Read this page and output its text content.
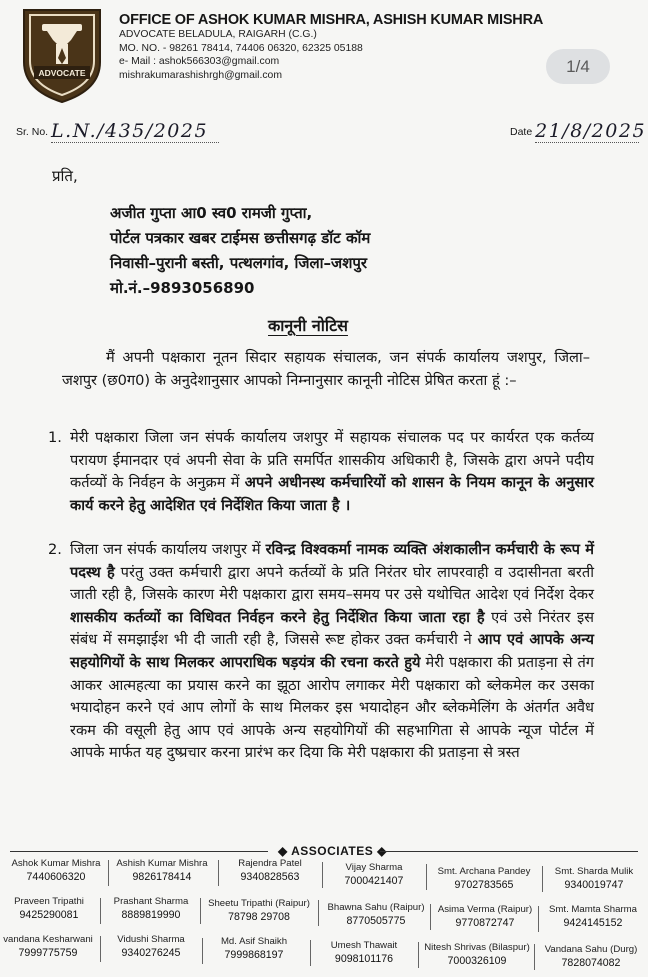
ADVOCATE
OFFICE OF ASHOK KUMAR MISHRA, ASHISH KUMAR MISHRA
ADVOCATE BELADULA, RAIGARH (C.G.)
MO. NO. - 98261 78414, 74406 06320, 62325 05188
e- Mail : ashok566303@gmail.com
mishrakumarashishrgh@gmail.com	1/4
Sr. No. L.N./435/2025	Date 21/8/2025
प्रति,
अजीत गुप्ता आ0 स्व0 रामजी गुप्ता,
पोर्टल पत्रकार खबर टाईमस छत्तीसगढ़ डॉट कॉम
निवासी–पुरानी बस्ती, पत्थलगांव, जिला–जशपुर
मो.नं.–9893056890
कानूनी नोटिस
मैं अपनी पक्षकारा नूतन सिदार सहायक संचालक, जन संपर्क कार्यालय जशपुर, जिला–जशपुर (छ0ग0) के अनुदेशानुसार आपको निम्नानुसार कानूनी नोटिस प्रेषित करता हूं :–
1. मेरी पक्षकारा जिला जन संपर्क कार्यालय जशपुर में सहायक संचालक पद पर कार्यरत एक कर्तव्य परायण ईमानदार एवं अपनी सेवा के प्रति समर्पित शासकीय अधिकारी है, जिसके द्वारा अपने पदीय कर्तव्यों के निर्वहन के अनुक्रम में अपने अधीनस्थ कर्मचारियों को शासन के नियम कानून के अनुसार कार्य करने हेतु आदेशित एवं निर्देशित किया जाता है ।
2. जिला जन संपर्क कार्यालय जशपुर में रविन्द्र विश्वकर्मा नामक व्यक्ति अंशकालीन कर्मचारी के रूप में पदस्थ है परंतु उक्त कर्मचारी द्वारा अपने कर्तव्यों के प्रति निरंतर घोर लापरवाही व उदासीनता बरती जाती रही है, जिसके कारण मेरी पक्षकारा द्वारा समय–समय पर उसे यथोचित आदेश एवं निर्देश देकर शासकीय कर्तव्यों का विधिवत निर्वहन करने हेतु निर्देशित किया जाता रहा है एवं उसे निरंतर इस संबंध में समझाईश भी दी जाती रही है, जिससे रूष्ट होकर उक्त कर्मचारी ने आप एवं आपके अन्य सहयोगियों के साथ मिलकर आपराधिक षड़यंत्र की रचना करते हुये मेरी पक्षकारा की प्रताड़ना से तंग आकर आत्महत्या का प्रयास करने का झूठा आरोप लगाकर मेरी पक्षकारा को ब्लेकमेल कर उसका भयादोहन करने एवं आप लोगों के साथ मिलकर इस भयादोहन और ब्लेकमेलिंग के अंतर्गत अवैध रकम की वसूली हेतु आप एवं आपके अन्य सहयोगियों की सहभागिता से आपके न्यूज पोर्टल में आपके मार्फत यह दुष्प्रचार करना प्रारंभ कर दिया कि मेरी पक्षकारा की प्रताड़ना से त्रस्त
◆ ASSOCIATES ◆
Ashok Kumar Mishra
7440606320
Ashish Kumar Mishra
9826178414
Rajendra Patel
9340828563
Vijay Sharma
7000421407
Smt. Archana Pandey
9702783565
Smt. Sharda Mulik
9340019747
Praveen Tripathi
9425290081
Prashant Sharma
8889819990
Sheetu Tripathi (Raipur)
78798 29708
Bhawna Sahu (Raipur)
8770505775
Asima Verma (Raipur)
9770872747
Smt. Mamta Sharma
9424145152
vandana Kesharwani
7999775759
Vidushi Sharma
9340276245
Md. Asif Shaikh
7999868197
Umesh Thawait
9098101176
Nitesh Shrivas (Bilaspur)
7000326109
Vandana Sahu (Durg)
7828074082
